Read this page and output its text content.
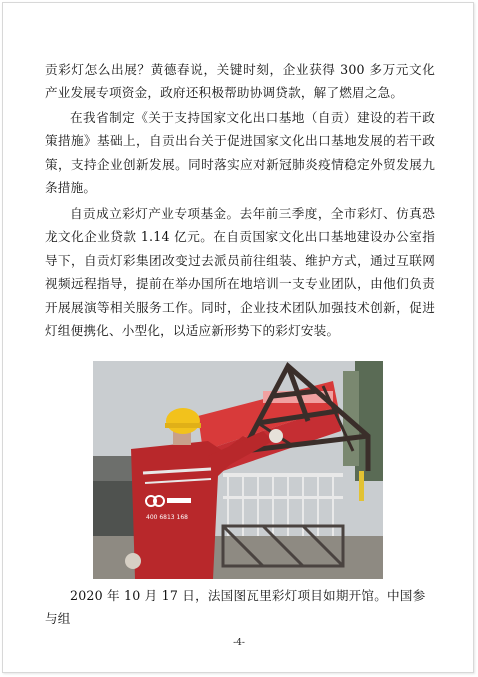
贡彩灯怎么出展？黄德春说，关键时刻，企业获得 300 多万元文化产业发展专项资金，政府还积极帮助协调贷款，解了燃眉之急。

在我省制定《关于支持国家文化出口基地（自贡）建设的若干政策措施》基础上，自贡出台关于促进国家文化出口基地发展的若干政策，支持企业创新发展。同时落实应对新冠肺炎疫情稳定外贸发展九条措施。

自贡成立彩灯产业专项基金。去年前三季度，全市彩灯、仿真恐龙文化企业贷款 1.14 亿元。在自贡国家文化出口基地建设办公室指导下，自贡灯彩集团改变过去派员前往组装、维护方式，通过互联网视频远程指导，提前在举办国所在地培训一支专业团队，由他们负责开展展演等相关服务工作。同时，企业技术团队加强技术创新，促进灯组便携化、小型化，以适应新形势下的彩灯安装。

400 6813 168

2020 年 10 月 17 日，法国图瓦里彩灯项目如期开馆。中国参与组

-4-
